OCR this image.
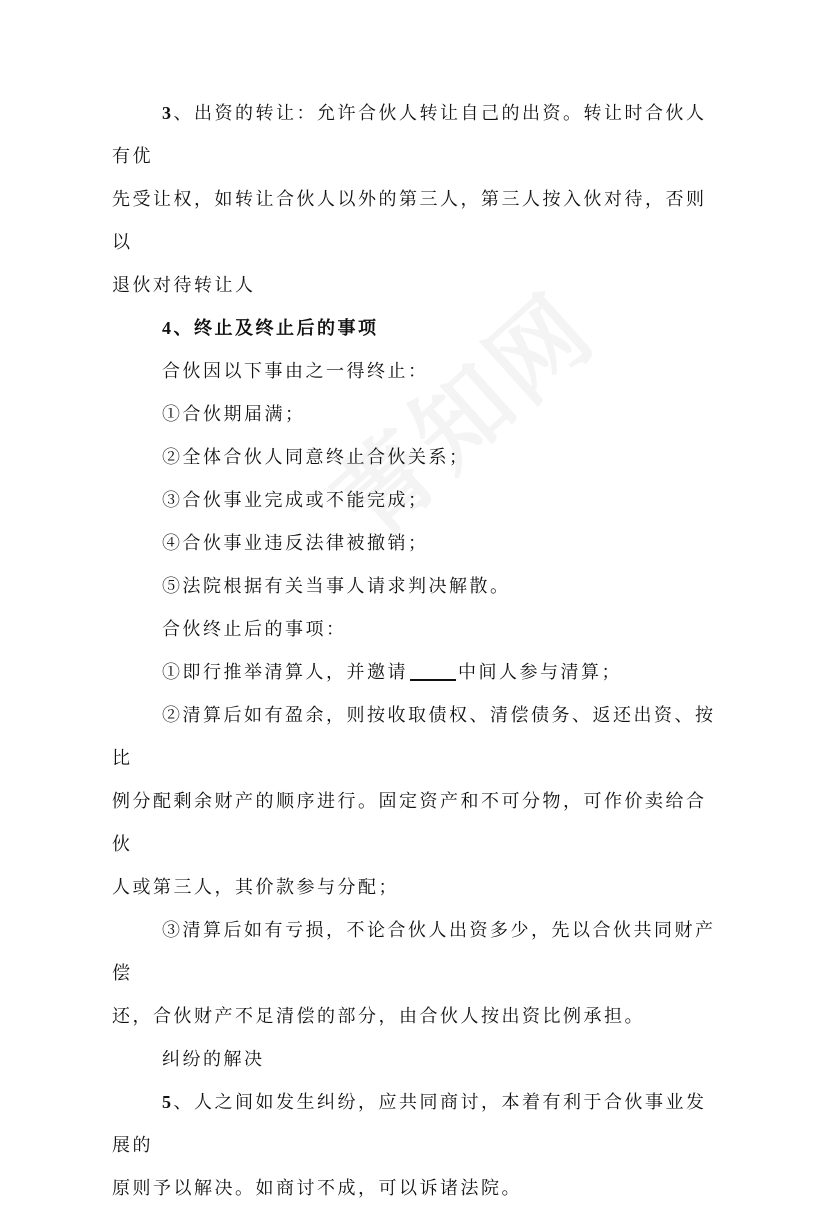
3、出资的转让：允许合伙人转让自己的出资。转让时合伙人有优
先受让权，如转让合伙人以外的第三人，第三人按入伙对待，否则以
退伙对待转让人
4、终止及终止后的事项
合伙因以下事由之一得终止：
①合伙期届满；
②全体合伙人同意终止合伙关系；
③合伙事业完成或不能完成；
④合伙事业违反法律被撤销；
⑤法院根据有关当事人请求判决解散。
合伙终止后的事项：
①即行推举清算人，并邀请	中间人参与清算；
②清算后如有盈余，则按收取债权、清偿债务、返还出资、按比
例分配剩余财产的顺序进行。固定资产和不可分物，可作价卖给合伙
人或第三人，其价款参与分配；
③清算后如有亏损，不论合伙人出资多少，先以合伙共同财产偿
还，合伙财产不足清偿的部分，由合伙人按出资比例承担。
纠纷的解决
5、人之间如发生纠纷，应共同商讨，本着有利于合伙事业发展的
原则予以解决。如商讨不成，可以诉诸法院。
